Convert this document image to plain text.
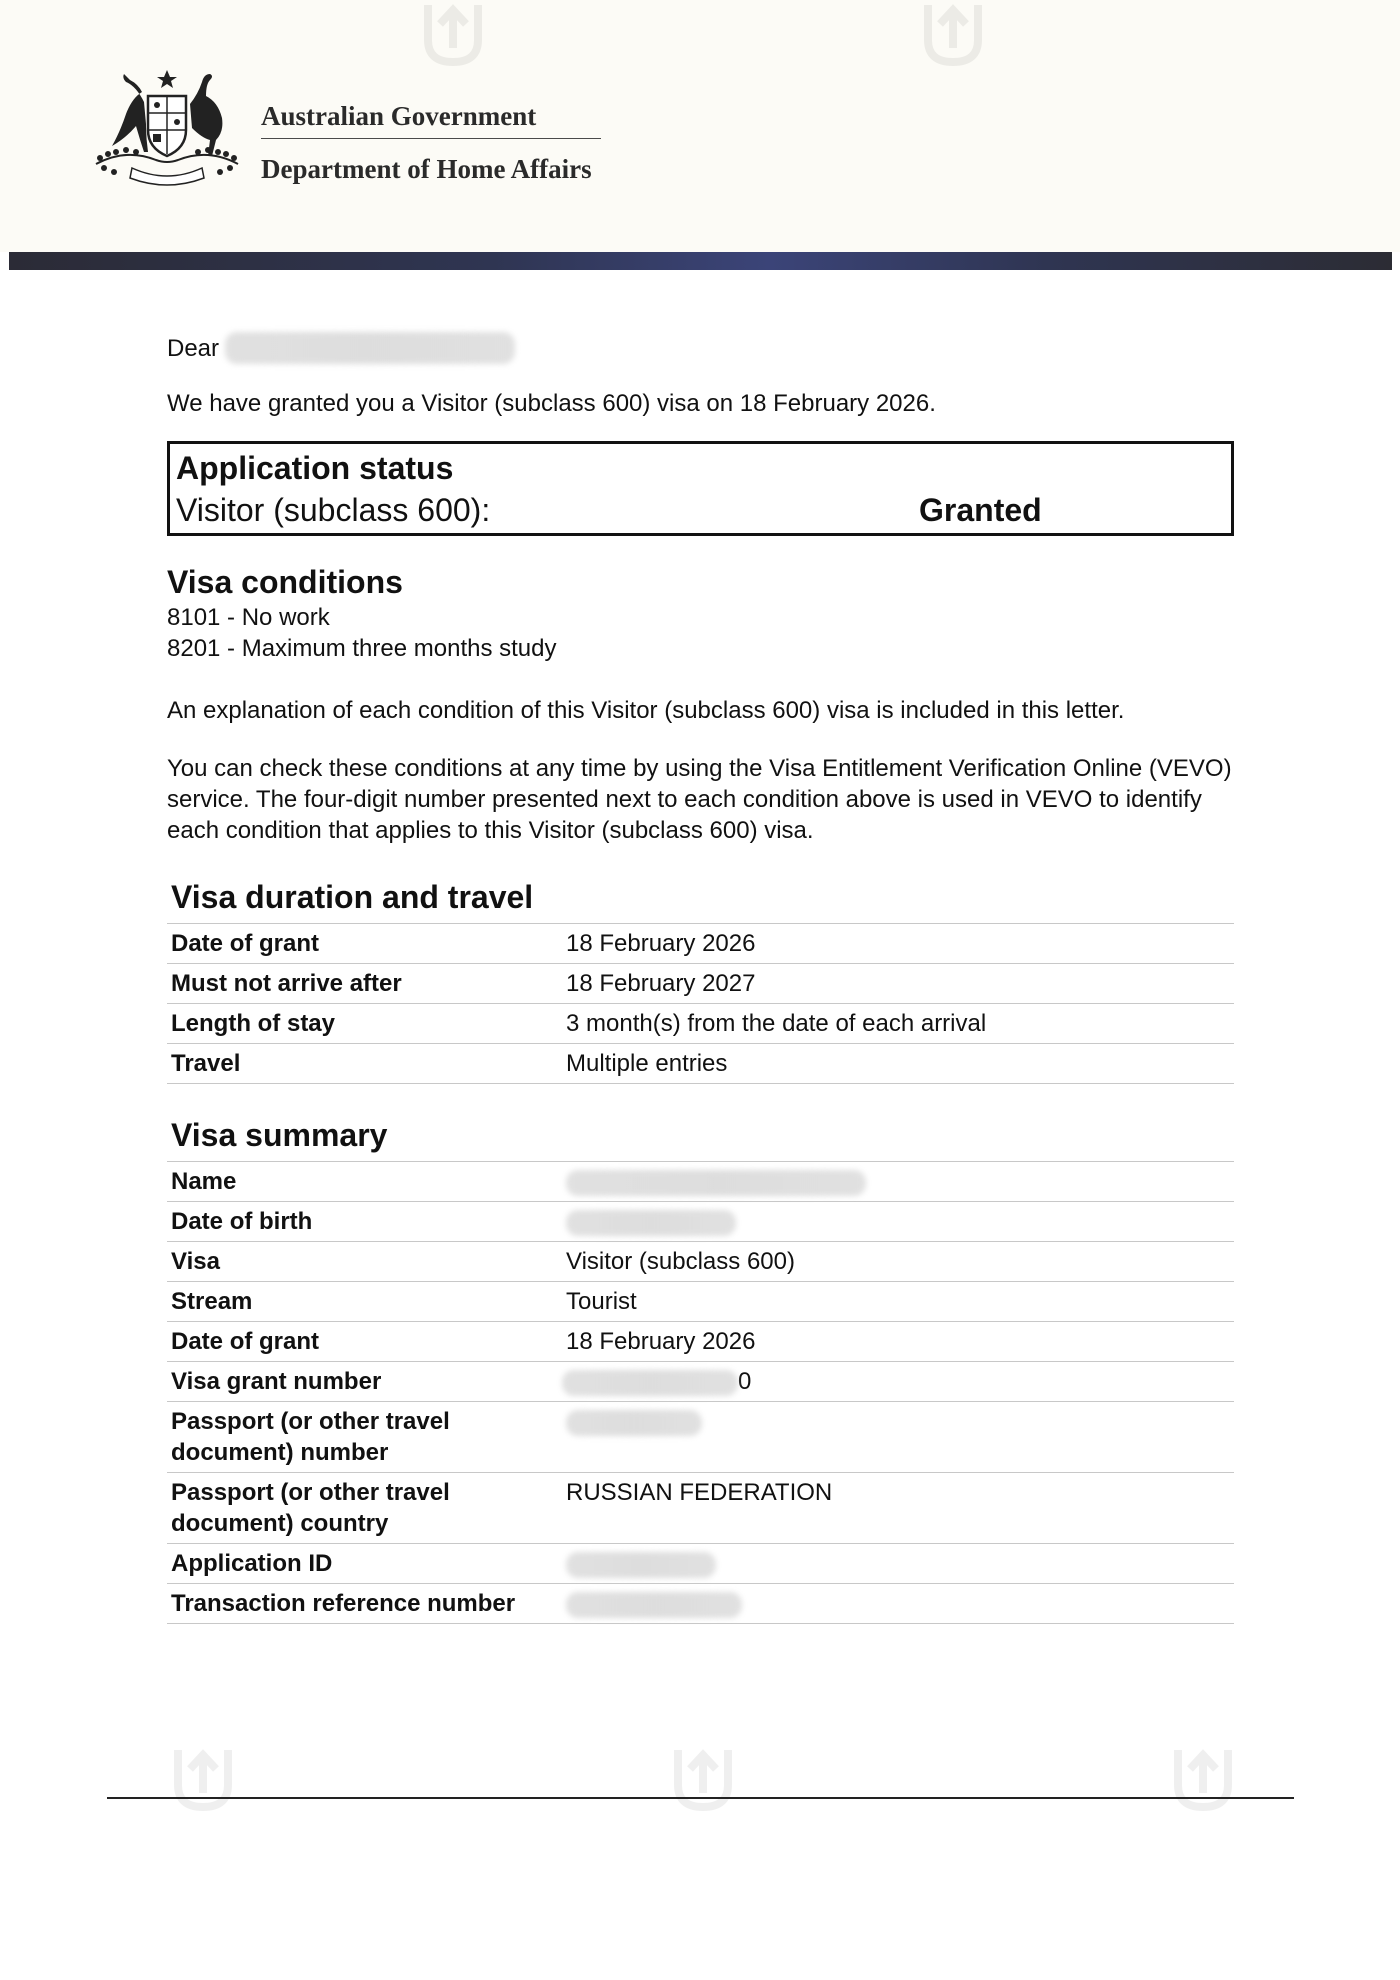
Australian Government
Department of Home Affairs
Dear
We have granted you a Visitor (subclass 600) visa on 18 February 2026.
Application status
Visitor (subclass 600):	Granted
Visa conditions
8101 - No work
8201 - Maximum three months study
An explanation of each condition of this Visitor (subclass 600) visa is included in this letter.
You can check these conditions at any time by using the Visa Entitlement Verification Online (VEVO) service. The four-digit number presented next to each condition above is used in VEVO to identify each condition that applies to this Visitor (subclass 600) visa.
Visa duration and travel
Date of grant	18 February 2026
Must not arrive after	18 February 2027
Length of stay	3 month(s) from the date of each arrival
Travel	Multiple entries
Visa summary
Name	
Date of birth	
Visa	Visitor (subclass 600)
Stream	Tourist
Date of grant	18 February 2026
Visa grant number	0
Passport (or other travel document) number	
Passport (or other travel document) country	RUSSIAN FEDERATION
Application ID	
Transaction reference number	
